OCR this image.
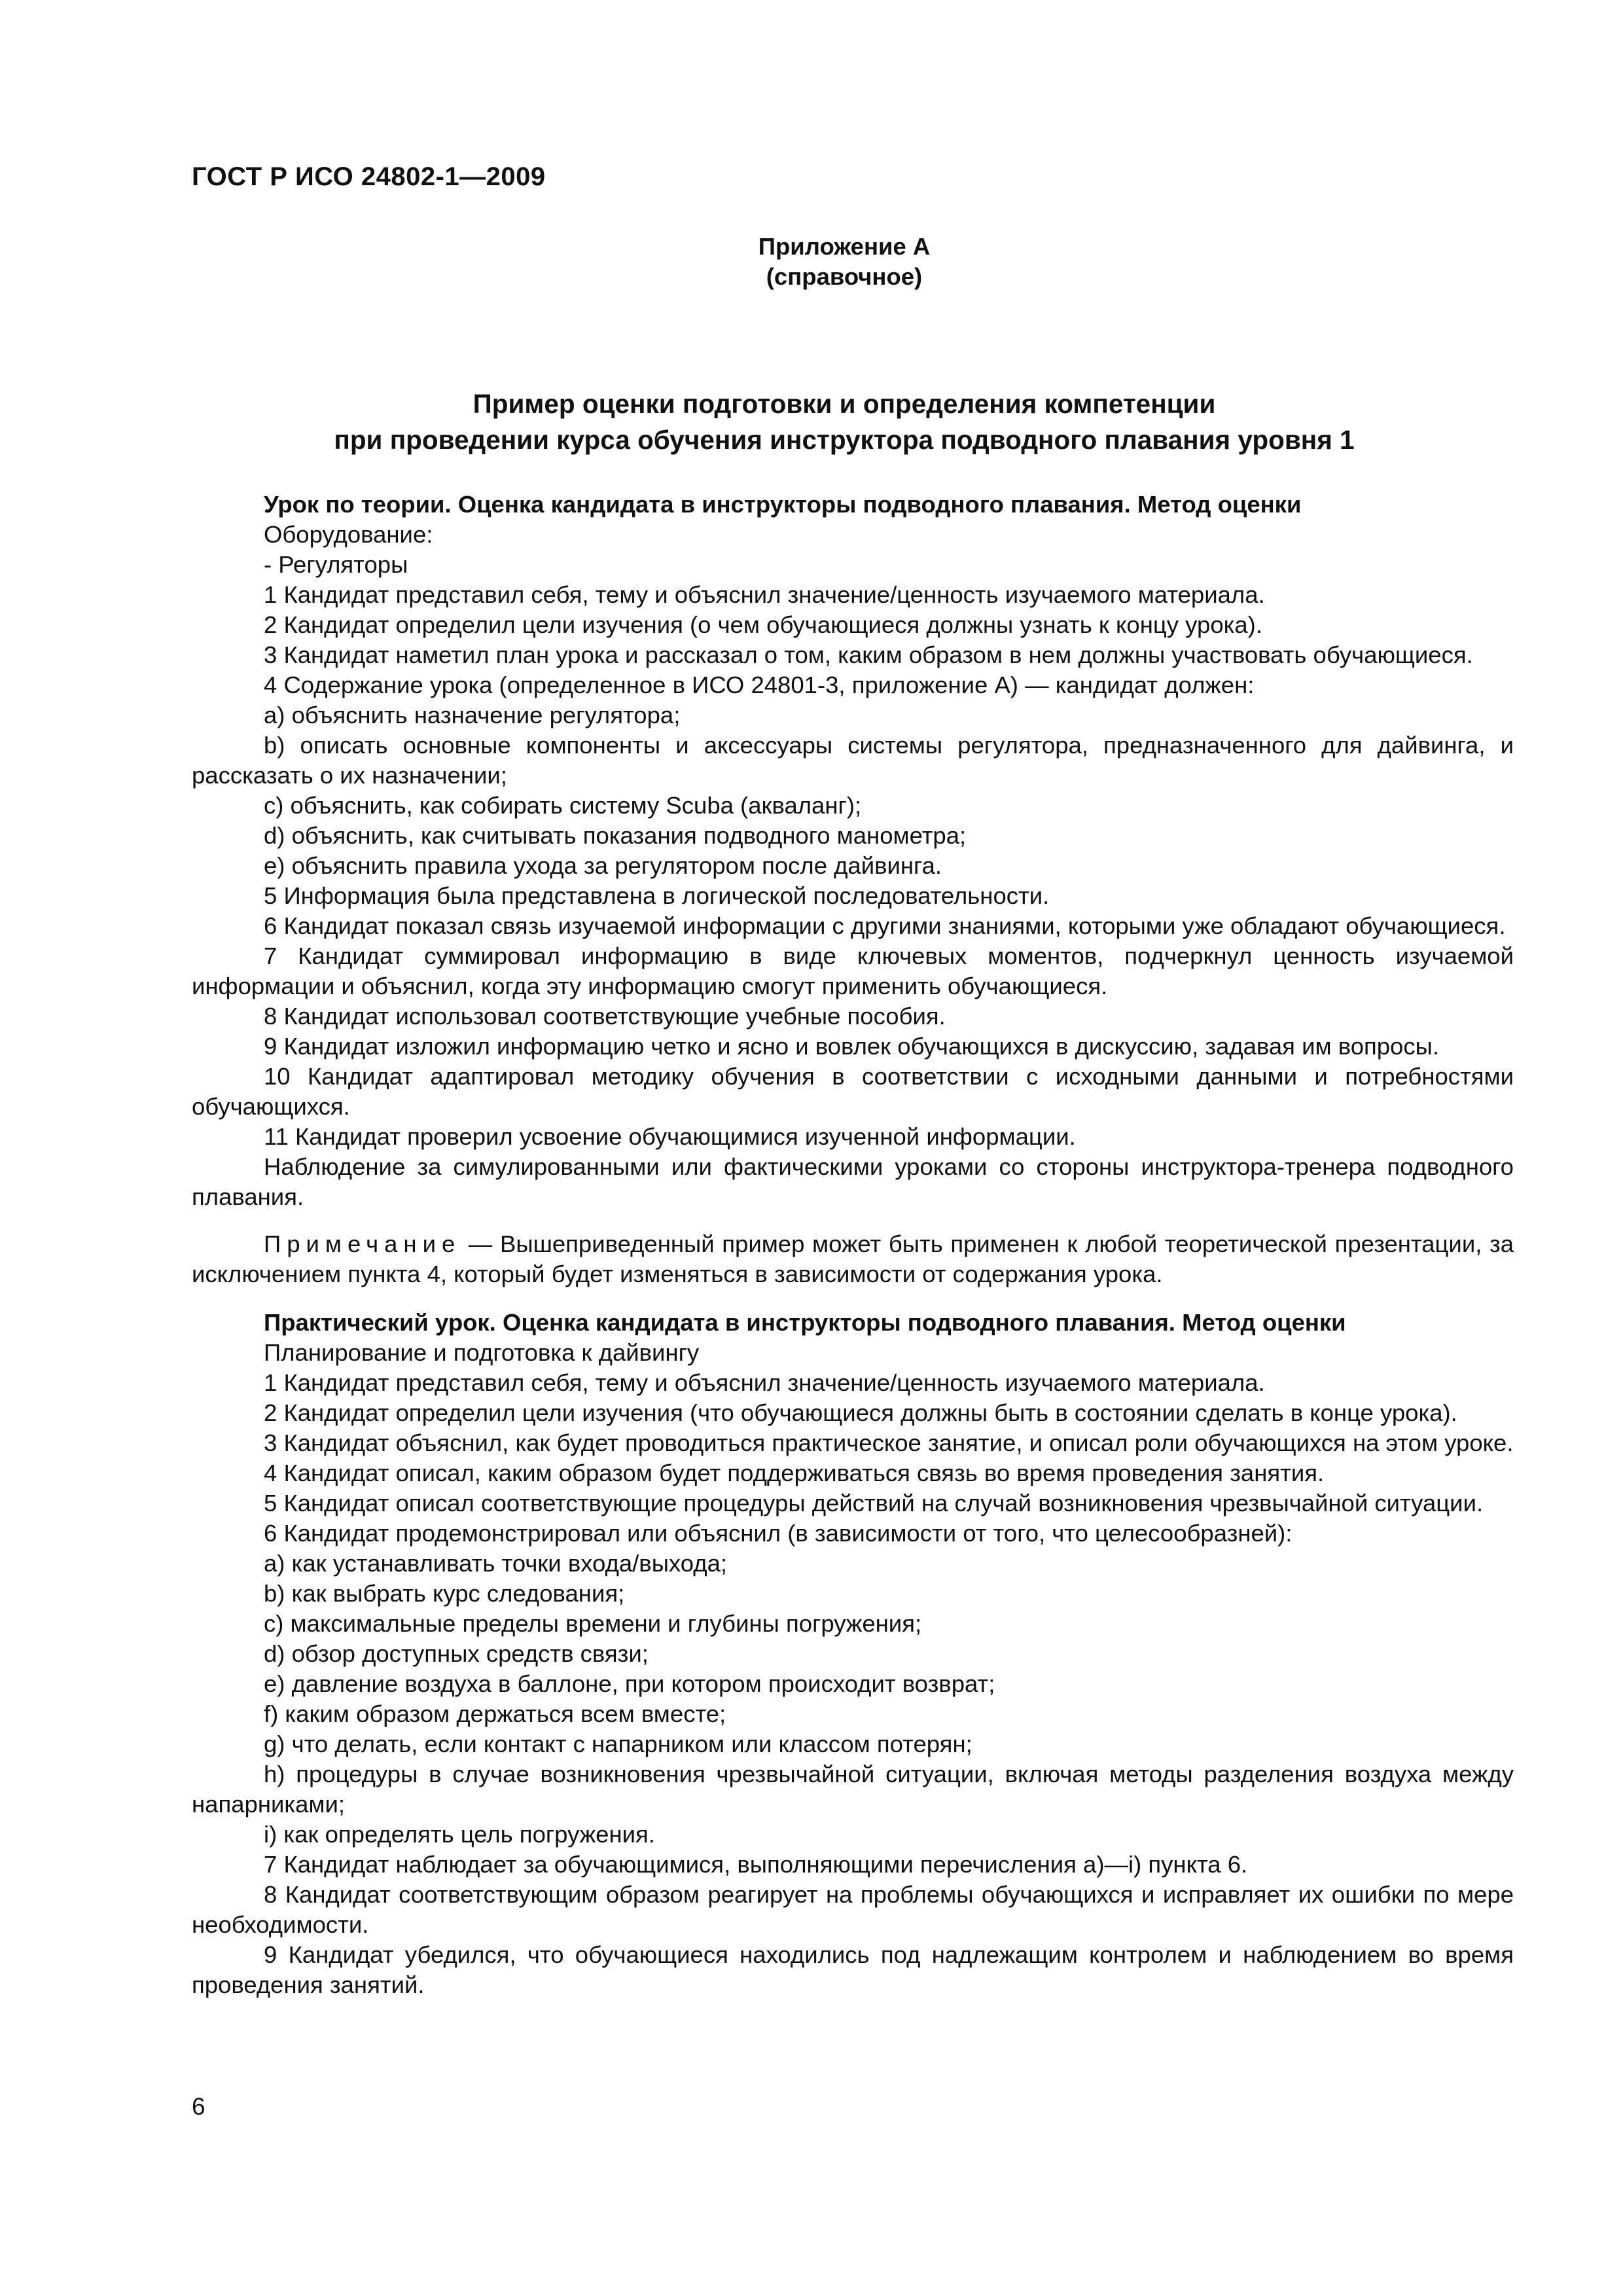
ГОСТ Р ИСО 24802-1—2009
Приложение А
(справочное)
Пример оценки подготовки и определения компетенции
при проведении курса обучения инструктора подводного плавания уровня 1

Урок по теории. Оценка кандидата в инструкторы подводного плавания. Метод оценки

Оборудование:

- Регуляторы

1 Кандидат представил себя, тему и объяснил значение/ценность изучаемого материала.

2 Кандидат определил цели изучения (о чем обучающиеся должны узнать к концу урока).

3 Кандидат наметил план урока и рассказал о том, каким образом в нем должны участвовать обучающиеся.

4 Содержание урока (определенное в ИСО 24801-3, приложение А) — кандидат должен:

a) объяснить назначение регулятора;

b) описать основные компоненты и аксессуары системы регулятора, предназначенного для дайвинга, и рассказать о их назначении;

c) объяснить, как собирать систему Scuba (акваланг);

d) объяснить, как считывать показания подводного манометра;

e) объяснить правила ухода за регулятором после дайвинга.

5 Информация была представлена в логической последовательности.

6 Кандидат показал связь изучаемой информации с другими знаниями, которыми уже обладают обучающиеся.

7 Кандидат суммировал информацию в виде ключевых моментов, подчеркнул ценность изучаемой информации и объяснил, когда эту информацию смогут применить обучающиеся.

8 Кандидат использовал соответствующие учебные пособия.

9 Кандидат изложил информацию четко и ясно и вовлек обучающихся в дискуссию, задавая им вопросы.

10 Кандидат адаптировал методику обучения в соответствии с исходными данными и потребностями обучающихся.

11 Кандидат проверил усвоение обучающимися изученной информации.

Наблюдение за симулированными или фактическими уроками со стороны инструктора-тренера подводного плавания.

Примечание — Вышеприведенный пример может быть применен к любой теоретической презентации, за исключением пункта 4, который будет изменяться в зависимости от содержания урока.

Практический урок. Оценка кандидата в инструкторы подводного плавания. Метод оценки

Планирование и подготовка к дайвингу

1 Кандидат представил себя, тему и объяснил значение/ценность изучаемого материала.

2 Кандидат определил цели изучения (что обучающиеся должны быть в состоянии сделать в конце урока).

3 Кандидат объяснил, как будет проводиться практическое занятие, и описал роли обучающихся на этом уроке.

4 Кандидат описал, каким образом будет поддерживаться связь во время проведения занятия.

5 Кандидат описал соответствующие процедуры действий на случай возникновения чрезвычайной ситуации.

6 Кандидат продемонстрировал или объяснил (в зависимости от того, что целесообразней):

a) как устанавливать точки входа/выхода;

b) как выбрать курс следования;

c) максимальные пределы времени и глубины погружения;

d) обзор доступных средств связи;

e) давление воздуха в баллоне, при котором происходит возврат;

f) каким образом держаться всем вместе;

g) что делать, если контакт с напарником или классом потерян;

h) процедуры в случае возникновения чрезвычайной ситуации, включая методы разделения воздуха между напарниками;

i) как определять цель погружения.

7 Кандидат наблюдает за обучающимися, выполняющими перечисления а)—i) пункта 6.

8 Кандидат соответствующим образом реагирует на проблемы обучающихся и исправляет их ошибки по мере необходимости.

9 Кандидат убедился, что обучающиеся находились под надлежащим контролем и наблюдением во время проведения занятий.

6
